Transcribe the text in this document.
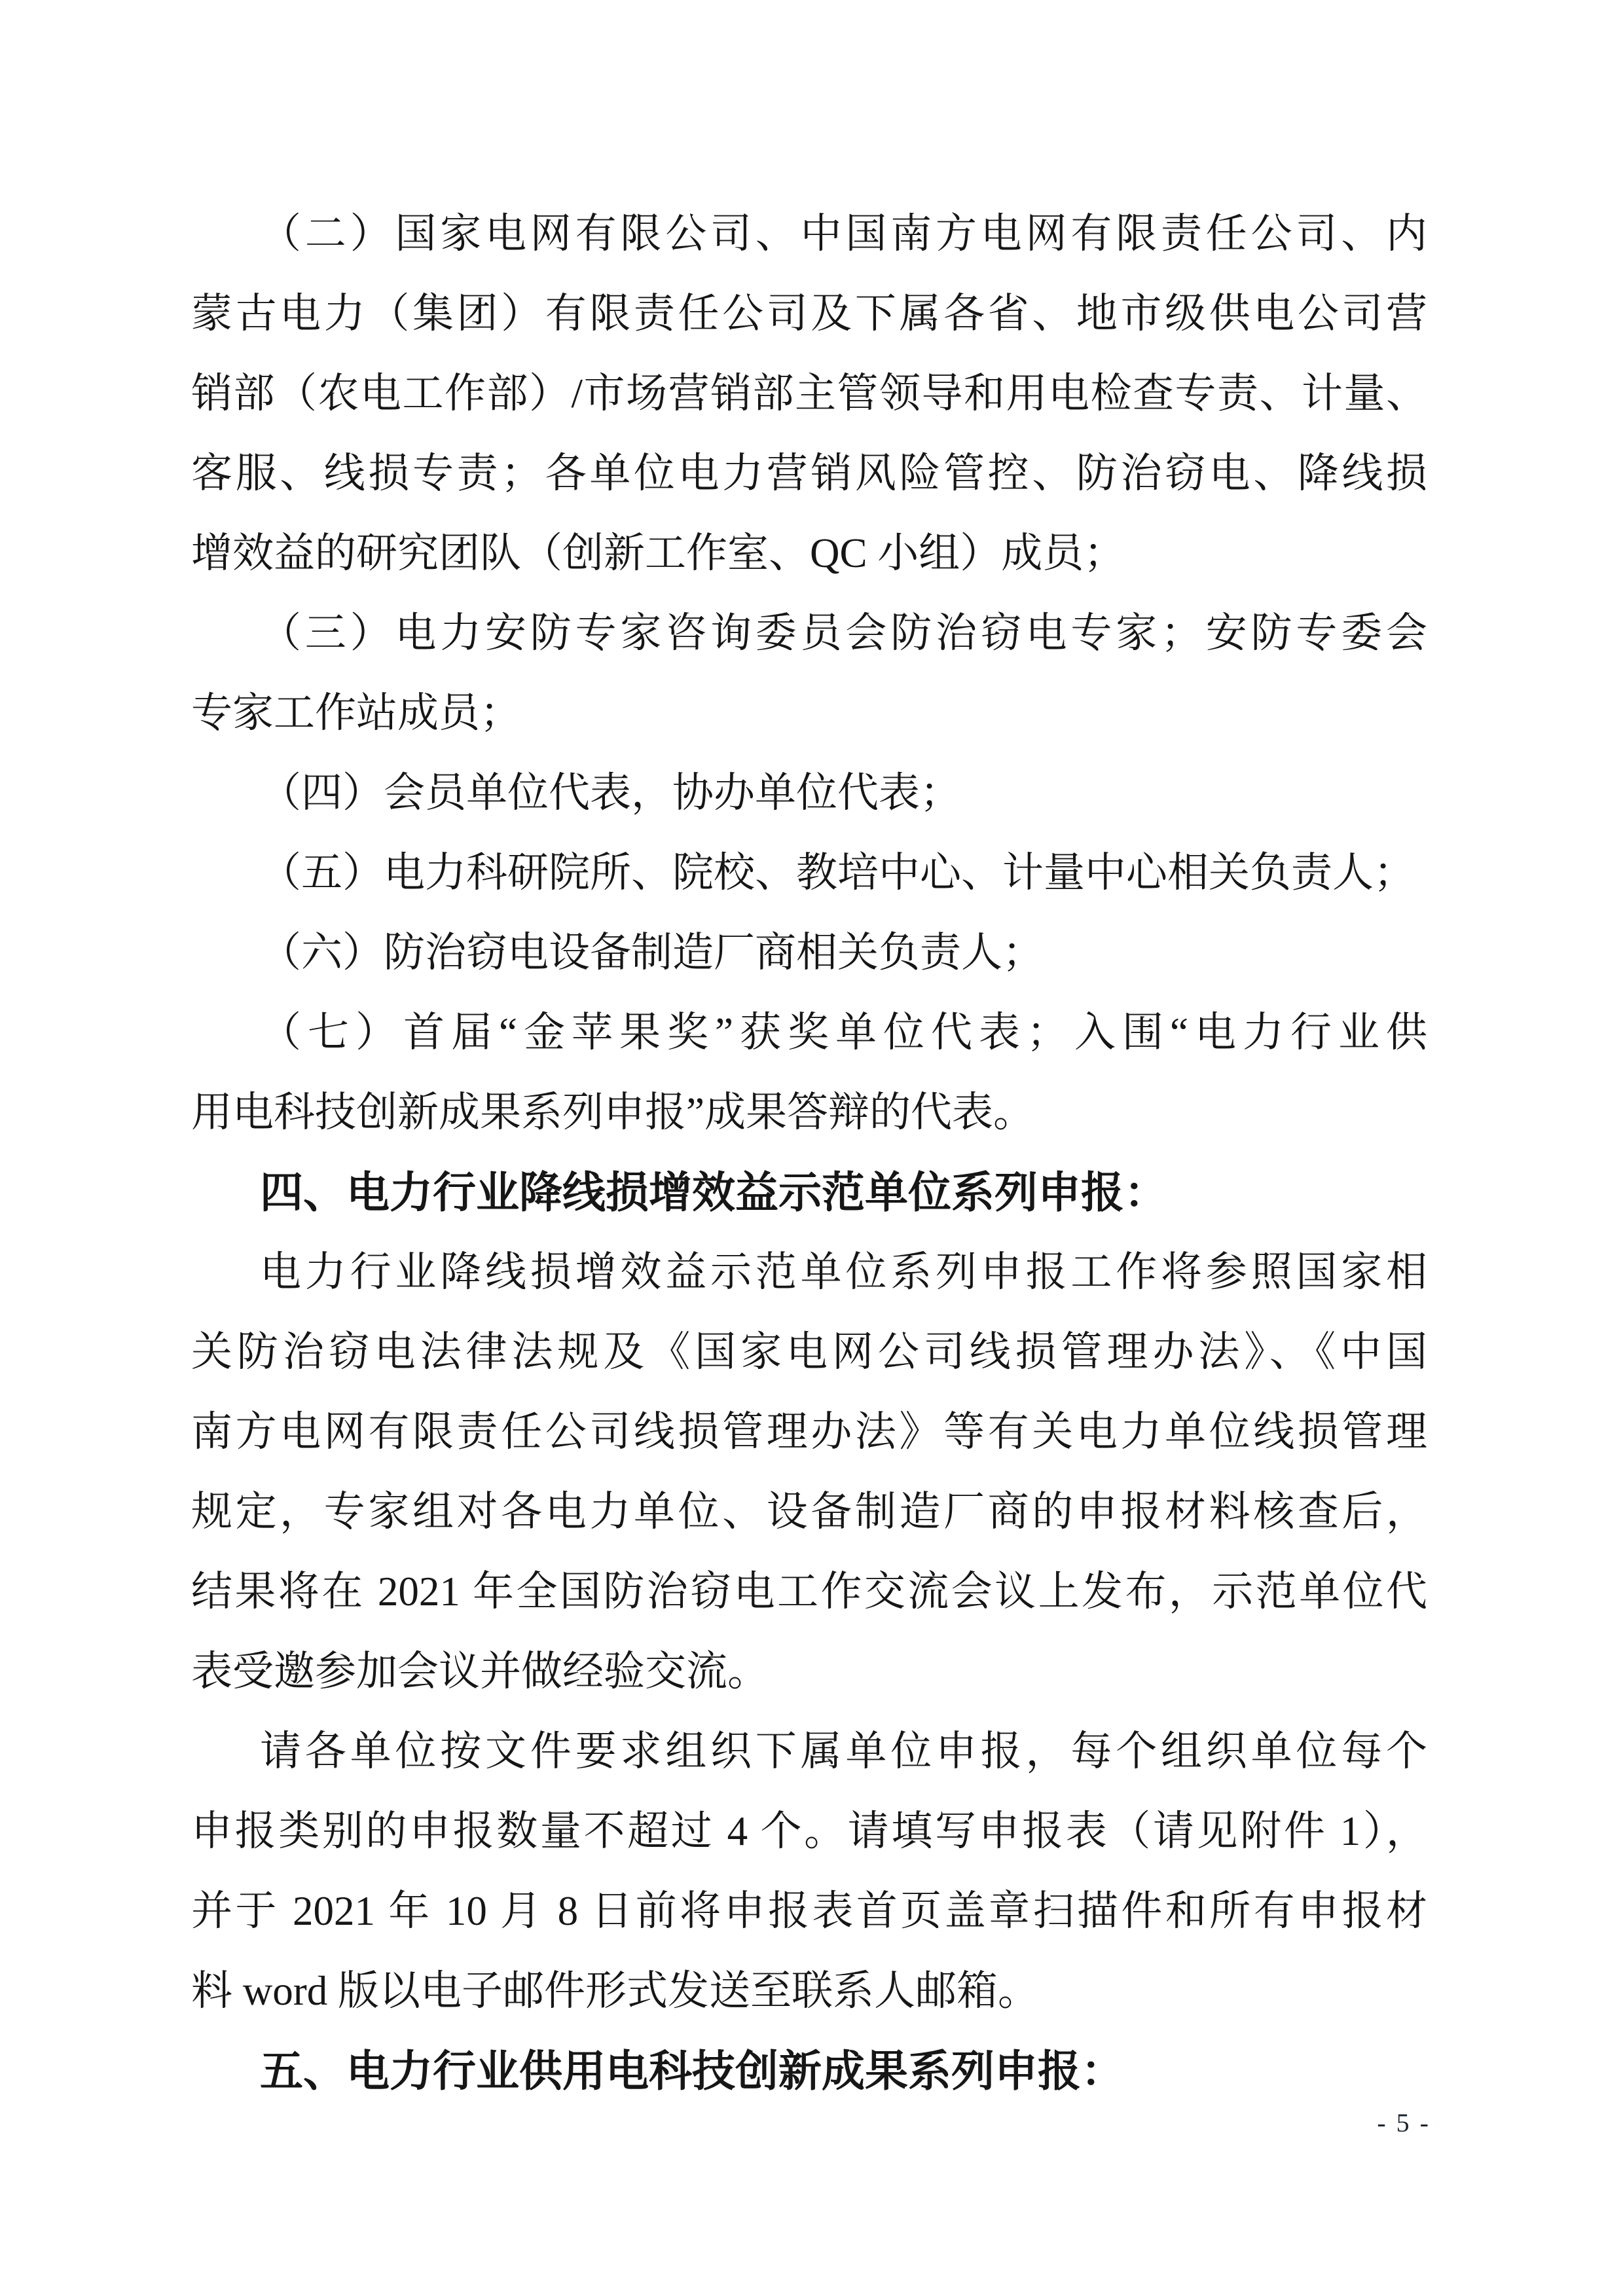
（二）国家电网有限公司、中国南方电网有限责任公司、内
蒙古电力（集团）有限责任公司及下属各省、地市级供电公司营
销部（农电工作部）/市场营销部主管领导和用电检查专责、计量、
客服、线损专责；各单位电力营销风险管控、防治窃电、降线损
增效益的研究团队（创新工作室、QC 小组）成员；
（三）电力安防专家咨询委员会防治窃电专家；安防专委会
专家工作站成员；
（四）会员单位代表，协办单位代表；
（五）电力科研院所、院校、教培中心、计量中心相关负责人；
（六）防治窃电设备制造厂商相关负责人；
（七）首届“金苹果奖”获奖单位代表；入围“电力行业供
用电科技创新成果系列申报”成果答辩的代表。
四、电力行业降线损增效益示范单位系列申报：
电力行业降线损增效益示范单位系列申报工作将参照国家相
关防治窃电法律法规及《国家电网公司线损管理办法》、《中国
南方电网有限责任公司线损管理办法》等有关电力单位线损管理
规定，专家组对各电力单位、设备制造厂商的申报材料核查后，
结果将在 2021 年全国防治窃电工作交流会议上发布，示范单位代
表受邀参加会议并做经验交流。
请各单位按文件要求组织下属单位申报，每个组织单位每个
申报类别的申报数量不超过 4 个。请填写申报表（请见附件 1），
并于 2021 年 10 月 8 日前将申报表首页盖章扫描件和所有申报材
料 word 版以电子邮件形式发送至联系人邮箱。
五、电力行业供用电科技创新成果系列申报：
- 5 -
